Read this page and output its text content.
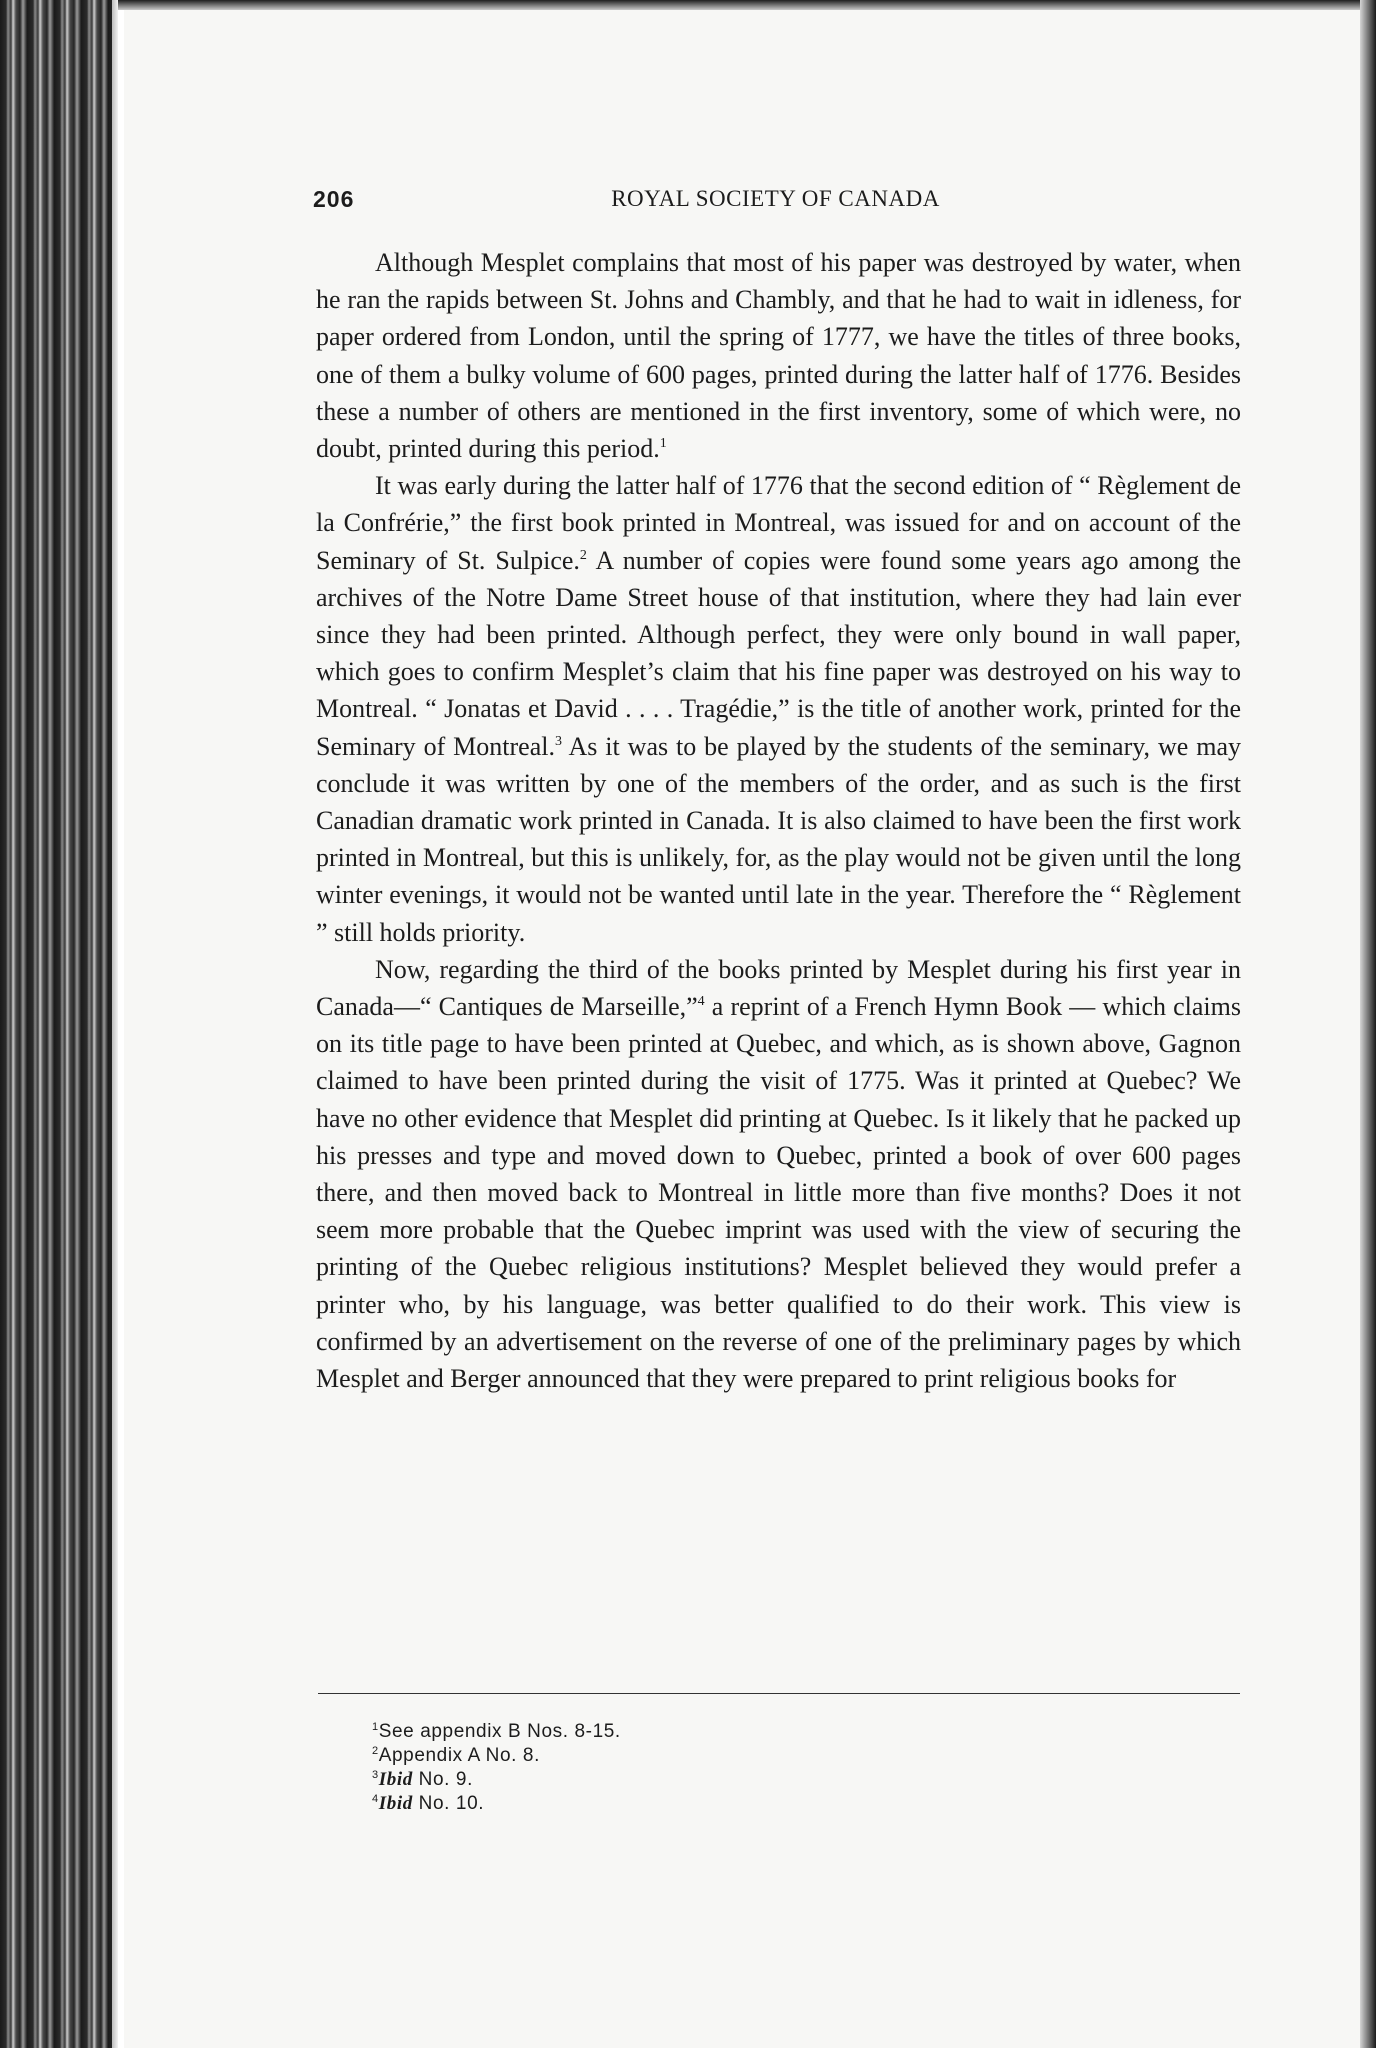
206	ROYAL SOCIETY OF CANADA

Although Mesplet complains that most of his paper was destroyed by water, when he ran the rapids between St. Johns and Chambly, and that he had to wait in idleness, for paper ordered from London, until the spring of 1777, we have the titles of three books, one of them a bulky volume of 600 pages, printed during the latter half of 1776. Besides these a number of others are mentioned in the first inventory, some of which were, no doubt, printed during this period.$^1$

It was early during the latter half of 1776 that the second edition of “ Règlement de la Confrérie,” the first book printed in Montreal, was issued for and on account of the Seminary of St. Sulpice.$^2$ A number of copies were found some years ago among the archives of the Notre Dame Street house of that institution, where they had lain ever since they had been printed. Although perfect, they were only bound in wall paper, which goes to confirm Mesplet’s claim that his fine paper was destroyed on his way to Montreal. “ Jonatas et David . . . . Tragédie,” is the title of another work, printed for the Seminary of Montreal.$^3$ As it was to be played by the students of the seminary, we may conclude it was written by one of the members of the order, and as such is the first Canadian dramatic work printed in Canada. It is also claimed to have been the first work printed in Montreal, but this is unlikely, for, as the play would not be given until the long winter evenings, it would not be wanted until late in the year. Therefore the “ Règlement ” still holds priority.

Now, regarding the third of the books printed by Mesplet during his first year in Canada—“ Cantiques de Marseille,”$^4$ a reprint of a French Hymn Book — which claims on its title page to have been printed at Quebec, and which, as is shown above, Gagnon claimed to have been printed during the visit of 1775. Was it printed at Quebec? We have no other evidence that Mesplet did printing at Quebec. Is it likely that he packed up his presses and type and moved down to Quebec, printed a book of over 600 pages there, and then moved back to Montreal in little more than five months? Does it not seem more probable that the Quebec imprint was used with the view of securing the printing of the Quebec religious institutions? Mesplet believed they would prefer a printer who, by his language, was better qualified to do their work. This view is confirmed by an advertisement on the reverse of one of the preliminary pages by which Mesplet and Berger announced that they were prepared to print religious books for

$^1$See appendix B Nos. 8-15.
$^2$Appendix A No. 8.
$^3$Ibid No. 9.
$^4$Ibid No. 10.
